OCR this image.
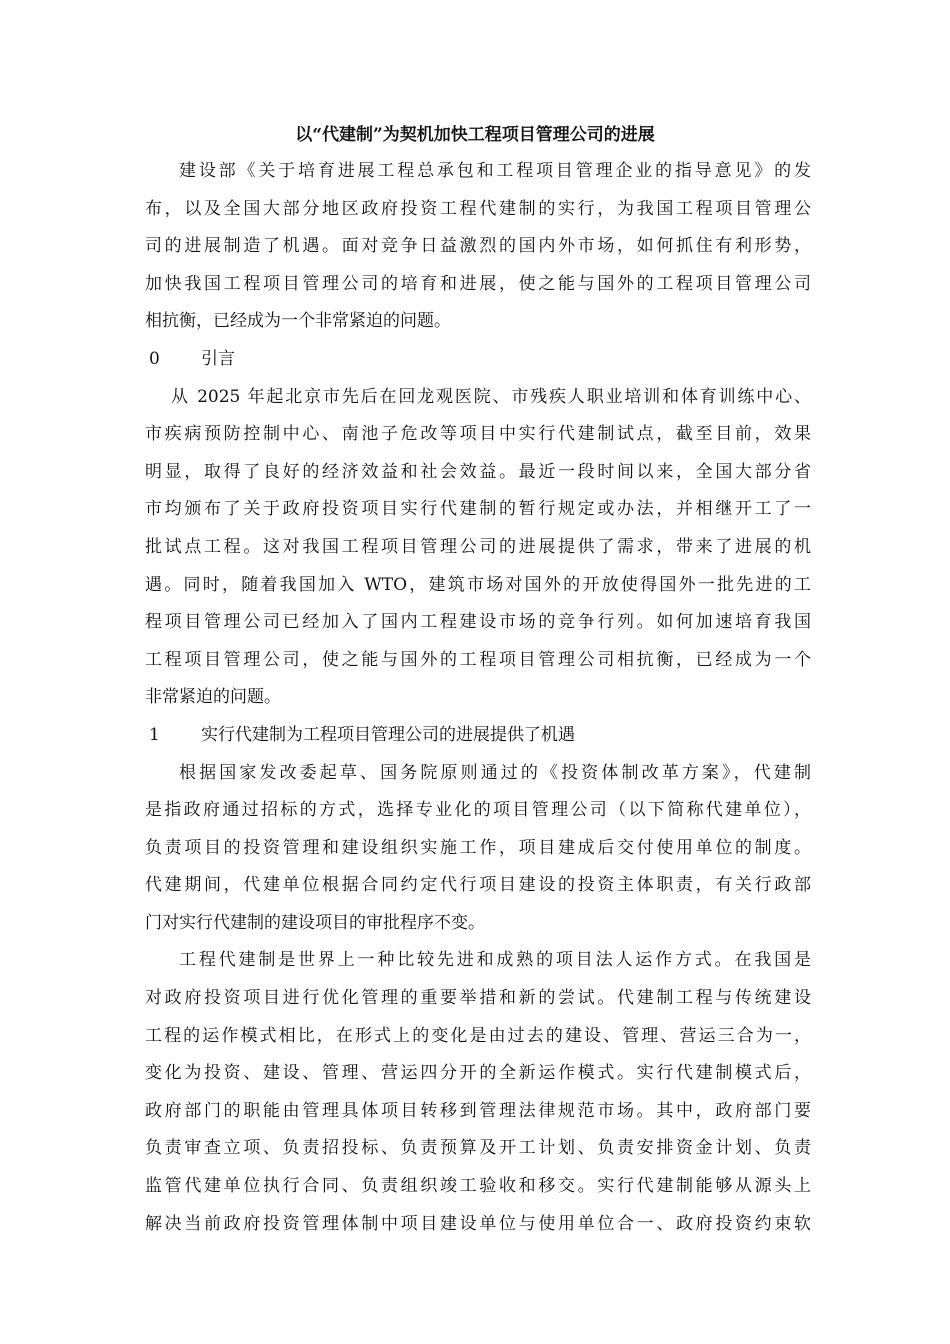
以“代建制”为契机加快工程项目管理公司的进展
建设部《关于培育进展工程总承包和工程项目管理企业的指导意见》的发
布，以及全国大部分地区政府投资工程代建制的实行，为我国工程项目管理公
司的进展制造了机遇。面对竞争日益激烈的国内外市场，如何抓住有利形势，
加快我国工程项目管理公司的培育和进展，使之能与国外的工程项目管理公司
相抗衡，已经成为一个非常紧迫的问题。
0 引言
从 2025 年起北京市先后在回龙观医院、市残疾人职业培训和体育训练中心、
市疾病预防控制中心、南池子危改等项目中实行代建制试点，截至目前，效果
明显，取得了良好的经济效益和社会效益。最近一段时间以来，全国大部分省
市均颁布了关于政府投资项目实行代建制的暂行规定或办法，并相继开工了一
批试点工程。这对我国工程项目管理公司的进展提供了需求，带来了进展的机
遇。同时，随着我国加入 WTO，建筑市场对国外的开放使得国外一批先进的工
程项目管理公司已经加入了国内工程建设市场的竞争行列。如何加速培育我国
工程项目管理公司，使之能与国外的工程项目管理公司相抗衡，已经成为一个
非常紧迫的问题。
1 实行代建制为工程项目管理公司的进展提供了机遇
根据国家发改委起草、国务院原则通过的《投资体制改革方案》，代建制
是指政府通过招标的方式，选择专业化的项目管理公司（以下简称代建单位），
负责项目的投资管理和建设组织实施工作，项目建成后交付使用单位的制度。
代建期间，代建单位根据合同约定代行项目建设的投资主体职责，有关行政部
门对实行代建制的建设项目的审批程序不变。
工程代建制是世界上一种比较先进和成熟的项目法人运作方式。在我国是
对政府投资项目进行优化管理的重要举措和新的尝试。代建制工程与传统建设
工程的运作模式相比，在形式上的变化是由过去的建设、管理、营运三合为一，
变化为投资、建设、管理、营运四分开的全新运作模式。实行代建制模式后，
政府部门的职能由管理具体项目转移到管理法律规范市场。其中，政府部门要
负责审查立项、负责招投标、负责预算及开工计划、负责安排资金计划、负责
监管代建单位执行合同、负责组织竣工验收和移交。实行代建制能够从源头上
解决当前政府投资管理体制中项目建设单位与使用单位合一、政府投资约束软
